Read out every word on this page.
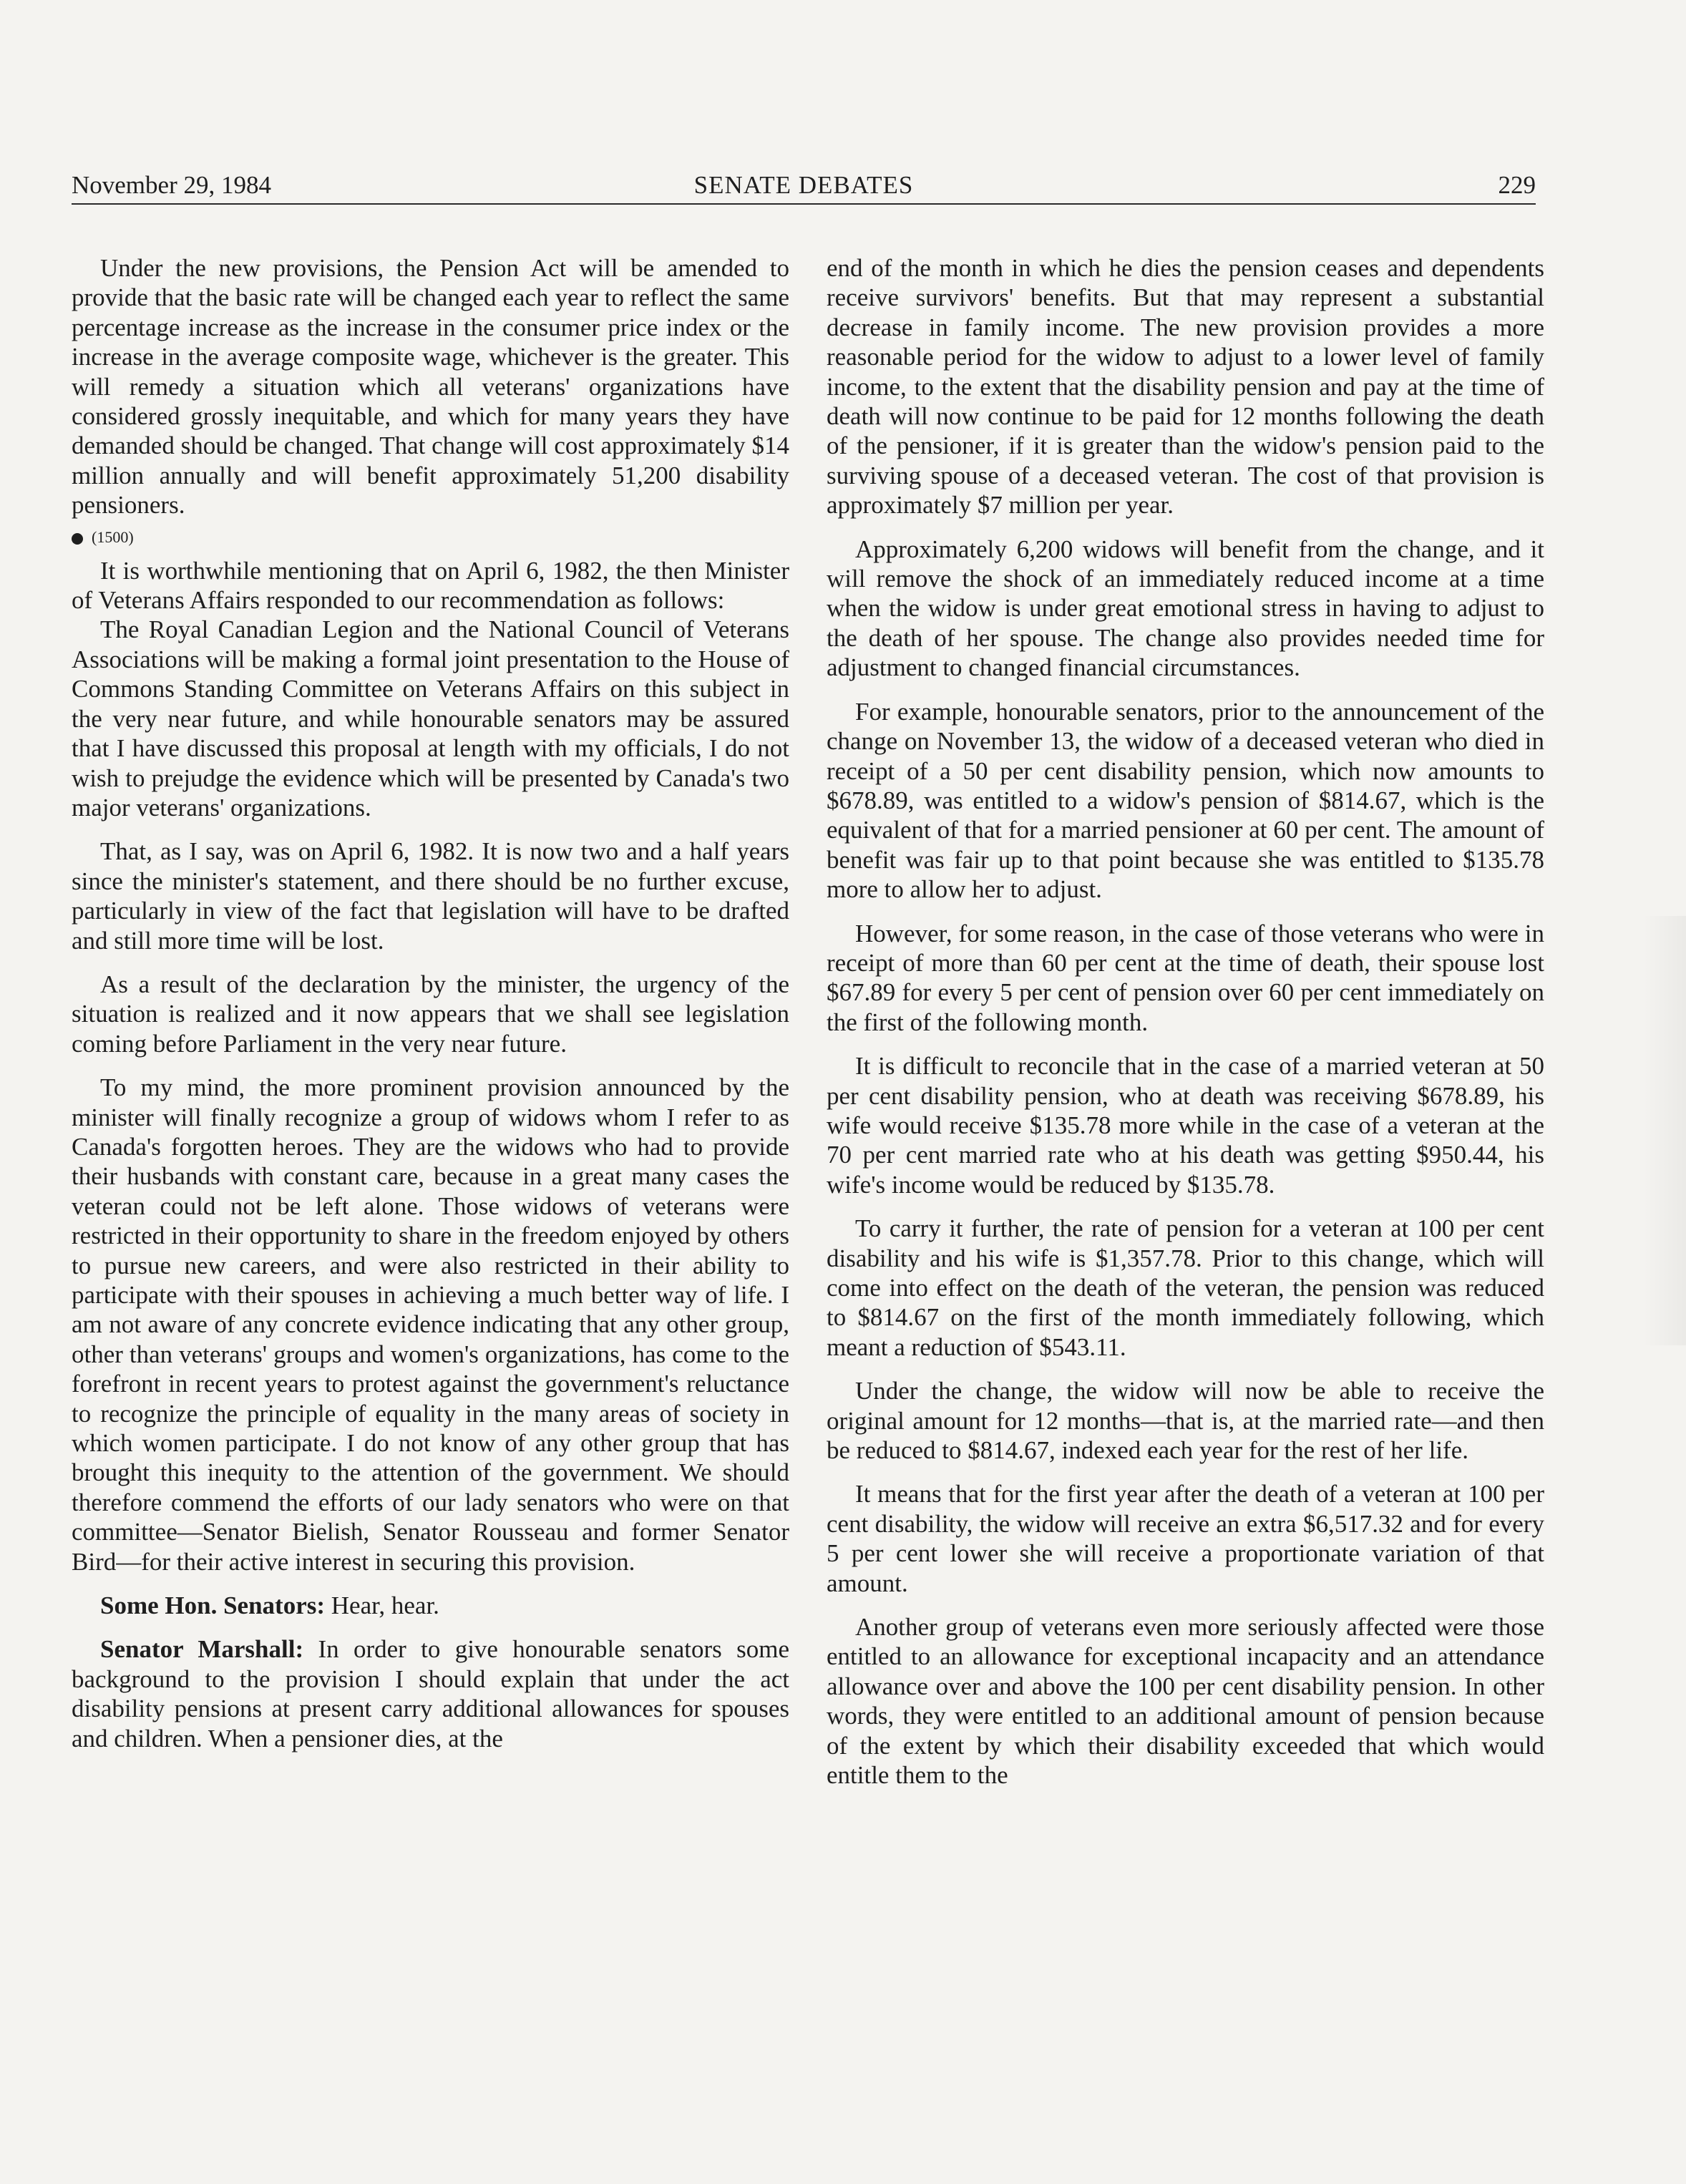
November 29, 1984	SENATE DEBATES	229

Under the new provisions, the Pension Act will be amended to provide that the basic rate will be changed each year to reflect the same percentage increase as the increase in the consumer price index or the increase in the average composite wage, whichever is the greater. This will remedy a situation which all veterans' organizations have considered grossly inequitable, and which for many years they have demanded should be changed. That change will cost approximately $14 million annually and will benefit approximately 51,200 disability pensioners.

(1500)

It is worthwhile mentioning that on April 6, 1982, the then Minister of Veterans Affairs responded to our recommendation as follows:

The Royal Canadian Legion and the National Council of Veterans Associations will be making a formal joint presentation to the House of Commons Standing Committee on Veterans Affairs on this subject in the very near future, and while honourable senators may be assured that I have discussed this proposal at length with my officials, I do not wish to prejudge the evidence which will be presented by Canada's two major veterans' organizations.

That, as I say, was on April 6, 1982. It is now two and a half years since the minister's statement, and there should be no further excuse, particularly in view of the fact that legislation will have to be drafted and still more time will be lost.

As a result of the declaration by the minister, the urgency of the situation is realized and it now appears that we shall see legislation coming before Parliament in the very near future.

To my mind, the more prominent provision announced by the minister will finally recognize a group of widows whom I refer to as Canada's forgotten heroes. They are the widows who had to provide their husbands with constant care, because in a great many cases the veteran could not be left alone. Those widows of veterans were restricted in their opportunity to share in the freedom enjoyed by others to pursue new careers, and were also restricted in their ability to participate with their spouses in achieving a much better way of life. I am not aware of any concrete evidence indicating that any other group, other than veterans' groups and women's organizations, has come to the forefront in recent years to protest against the government's reluctance to recognize the principle of equality in the many areas of society in which women participate. I do not know of any other group that has brought this inequity to the attention of the government. We should therefore commend the efforts of our lady senators who were on that committee—Senator Bielish, Senator Rousseau and former Senator Bird—for their active interest in securing this provision.

Some Hon. Senators: Hear, hear.

Senator Marshall: In order to give honourable senators some background to the provision I should explain that under the act disability pensions at present carry additional allowances for spouses and children. When a pensioner dies, at the

end of the month in which he dies the pension ceases and dependents receive survivors' benefits. But that may represent a substantial decrease in family income. The new provision provides a more reasonable period for the widow to adjust to a lower level of family income, to the extent that the disability pension and pay at the time of death will now continue to be paid for 12 months following the death of the pensioner, if it is greater than the widow's pension paid to the surviving spouse of a deceased veteran. The cost of that provision is approximately $7 million per year.

Approximately 6,200 widows will benefit from the change, and it will remove the shock of an immediately reduced income at a time when the widow is under great emotional stress in having to adjust to the death of her spouse. The change also provides needed time for adjustment to changed financial circumstances.

For example, honourable senators, prior to the announcement of the change on November 13, the widow of a deceased veteran who died in receipt of a 50 per cent disability pension, which now amounts to $678.89, was entitled to a widow's pension of $814.67, which is the equivalent of that for a married pensioner at 60 per cent. The amount of benefit was fair up to that point because she was entitled to $135.78 more to allow her to adjust.

However, for some reason, in the case of those veterans who were in receipt of more than 60 per cent at the time of death, their spouse lost $67.89 for every 5 per cent of pension over 60 per cent immediately on the first of the following month.

It is difficult to reconcile that in the case of a married veteran at 50 per cent disability pension, who at death was receiving $678.89, his wife would receive $135.78 more while in the case of a veteran at the 70 per cent married rate who at his death was getting $950.44, his wife's income would be reduced by $135.78.

To carry it further, the rate of pension for a veteran at 100 per cent disability and his wife is $1,357.78. Prior to this change, which will come into effect on the death of the veteran, the pension was reduced to $814.67 on the first of the month immediately following, which meant a reduction of $543.11.

Under the change, the widow will now be able to receive the original amount for 12 months—that is, at the married rate—and then be reduced to $814.67, indexed each year for the rest of her life.

It means that for the first year after the death of a veteran at 100 per cent disability, the widow will receive an extra $6,517.32 and for every 5 per cent lower she will receive a proportionate variation of that amount.

Another group of veterans even more seriously affected were those entitled to an allowance for exceptional incapacity and an attendance allowance over and above the 100 per cent disability pension. In other words, they were entitled to an additional amount of pension because of the extent by which their disability exceeded that which would entitle them to the
